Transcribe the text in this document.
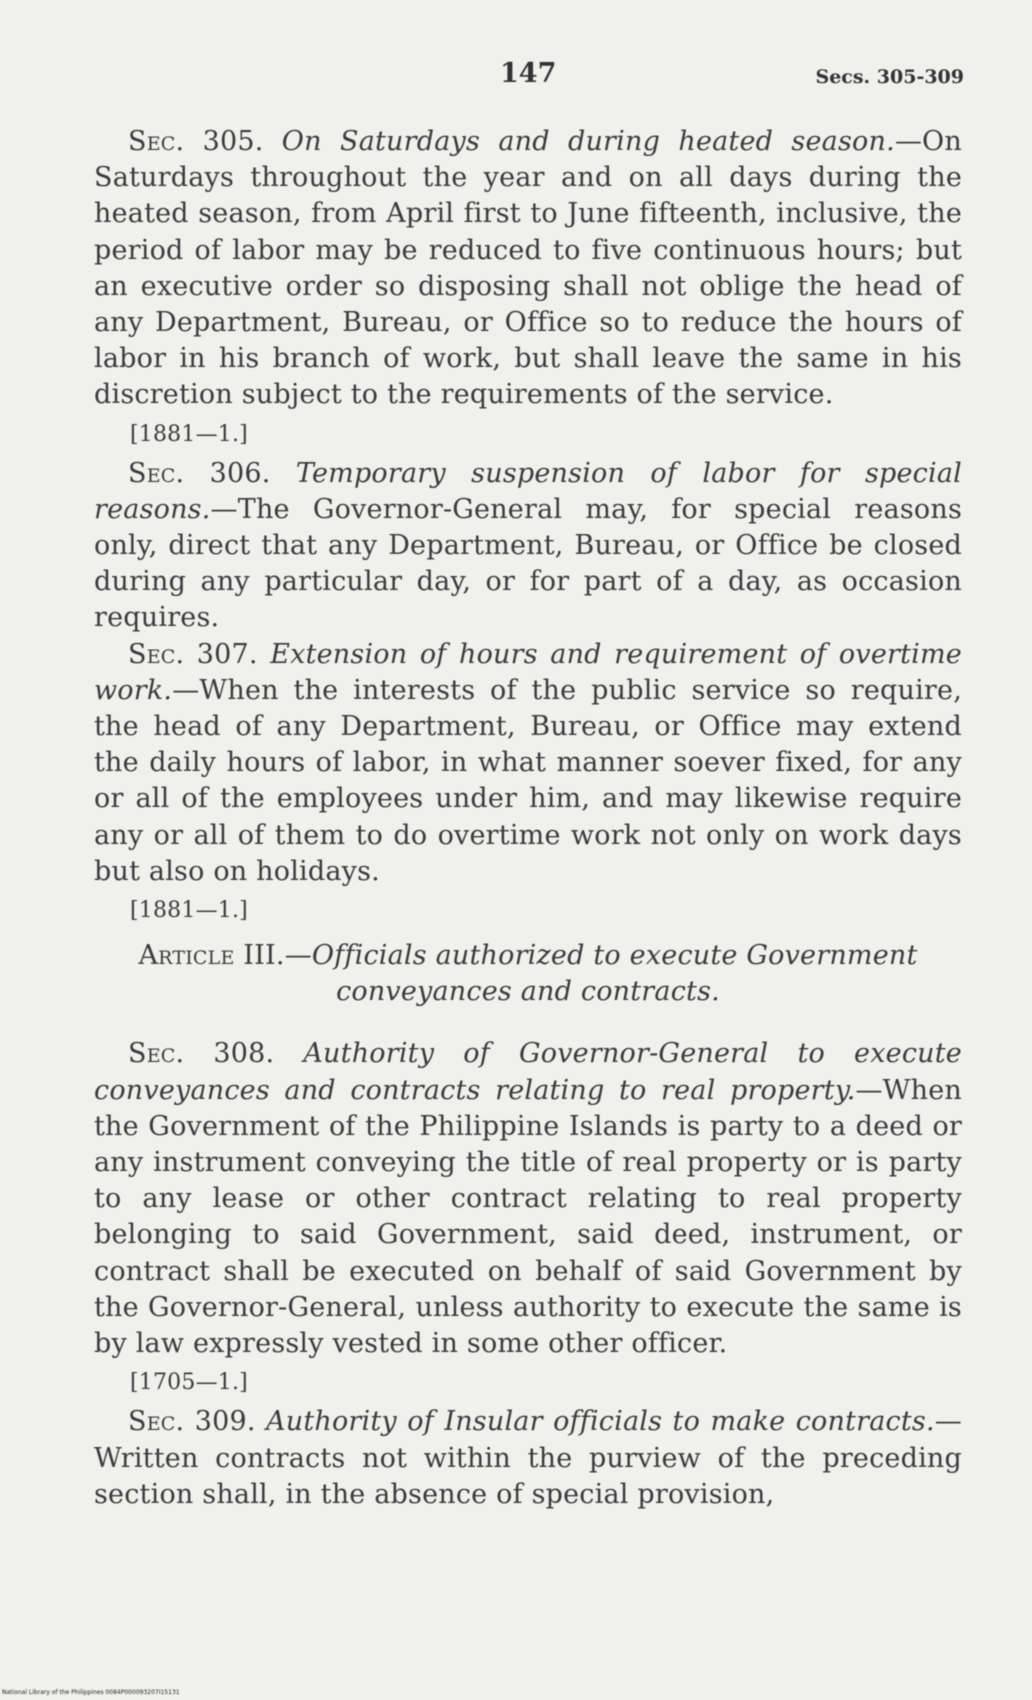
147	Secs. 305-309

Sec. 305. On Saturdays and during heated season.—On Saturdays throughout the year and on all days during the heated season, from April first to June fifteenth, inclusive, the period of labor may be reduced to five continuous hours; but an executive order so disposing shall not oblige the head of any Department, Bureau, or Office so to reduce the hours of labor in his branch of work, but shall leave the same in his discretion subject to the requirements of the service.

[1881—1.]

Sec. 306. Temporary suspension of labor for special reasons.—The Governor-General may, for special reasons only, direct that any Department, Bureau, or Office be closed during any particular day, or for part of a day, as occasion requires.

Sec. 307. Extension of hours and requirement of overtime work.—When the interests of the public service so require, the head of any Department, Bureau, or Office may extend the daily hours of labor, in what manner soever fixed, for any or all of the employees under him, and may likewise require any or all of them to do overtime work not only on work days but also on holidays.

[1881—1.]

Article III.—Officials authorized to execute Government conveyances and contracts.

Sec. 308. Authority of Governor-General to execute conveyances and contracts relating to real property.—When the Government of the Philippine Islands is party to a deed or any instrument conveying the title of real property or is party to any lease or other contract relating to real property belonging to said Government, said deed, instrument, or contract shall be executed on behalf of said Government by the Governor-General, unless authority to execute the same is by law expressly vested in some other officer.

[1705—1.]

Sec. 309. Authority of Insular officials to make contracts.—Written contracts not within the purview of the preceding section shall, in the absence of special provision,

National Library of the Philippines 0084P000093207I15131
